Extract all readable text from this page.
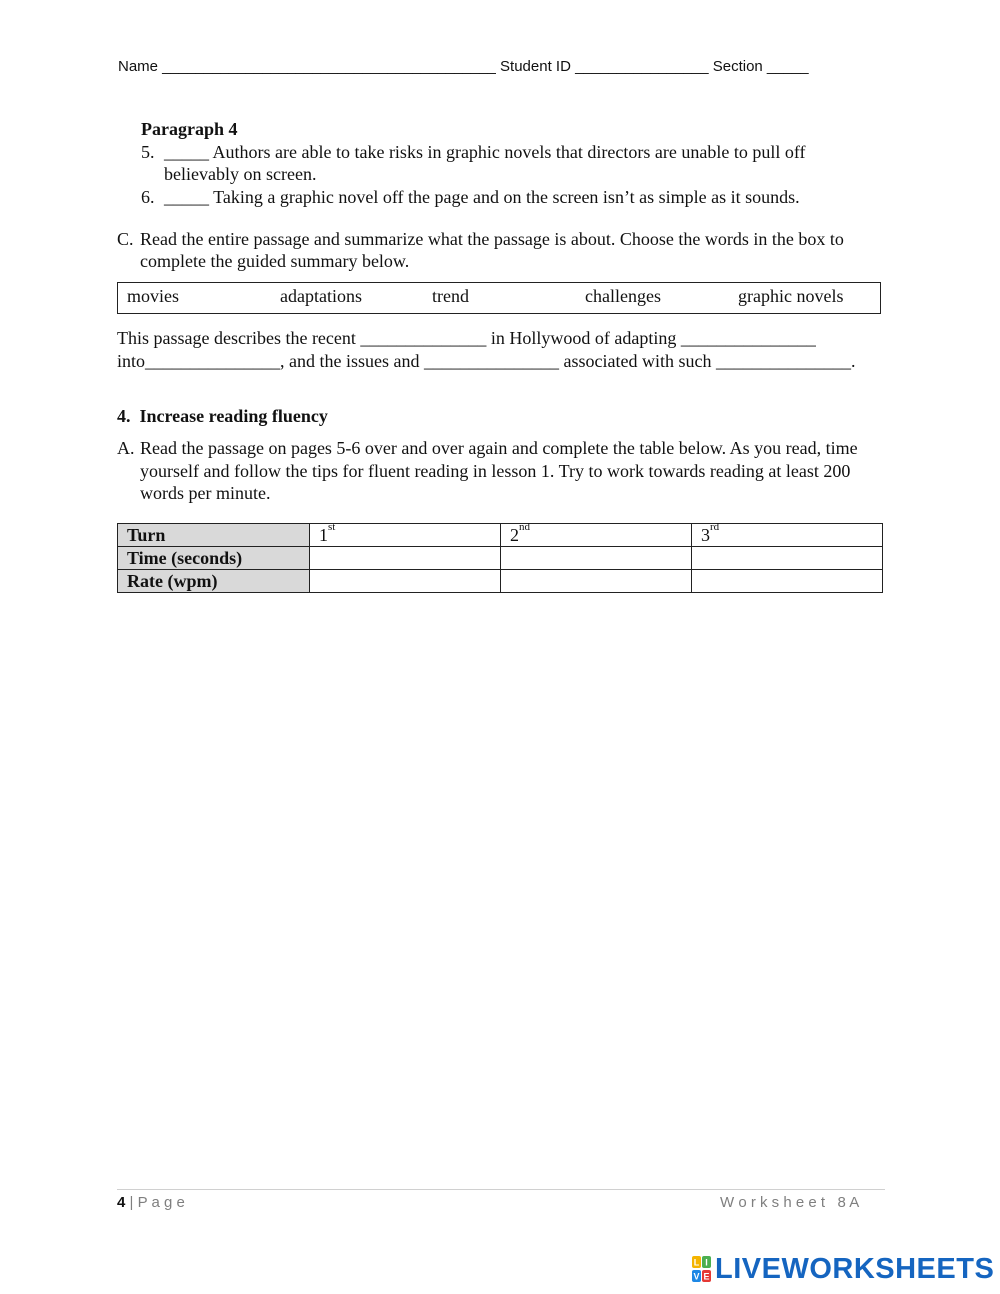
Name ________________________________________ Student ID ________________ Section _____
Paragraph 4
5. _____ Authors are able to take risks in graphic novels that directors are unable to pull off believably on screen.
6. _____ Taking a graphic novel off the page and on the screen isn’t as simple as it sounds.
C. Read the entire passage and summarize what the passage is about. Choose the words in the box to complete the guided summary below.
movies	adaptations	trend	challenges	graphic novels
This passage describes the recent ______________ in Hollywood of adapting _______________ into_______________, and the issues and _______________ associated with such _______________.
4.  Increase reading fluency
A. Read the passage on pages 5-6 over and over again and complete the table below. As you read, time yourself and follow the tips for fluent reading in lesson 1. Try to work towards reading at least 200 words per minute.
Turn	1st	2nd	3rd
Time (seconds)			
Rate (wpm)			
4 | P a g e	W o r k s h e e t   8 A
L I
V E LIVEWORKSHEETS
